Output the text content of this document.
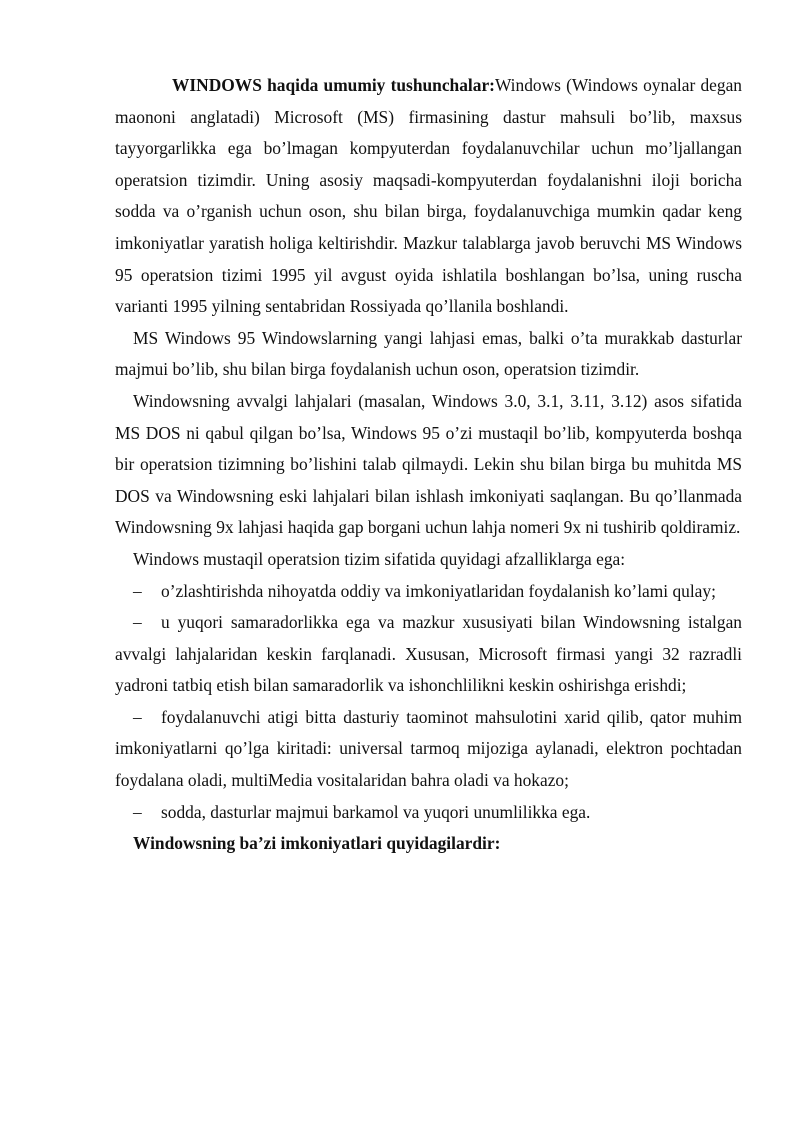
WINDOWS haqida umumiy tushunchalar:Windows (Windows oynalar degan maononi anglatadi) Microsoft (MS) firmasining dastur mahsuli bo’lib, maxsus tayyorgarlikka ega bo’lmagan kompyuterdan foydalanuvchilar uchun mo’ljallangan operatsion tizimdir. Uning asosiy maqsadi-kompyuterdan foydalanishni iloji boricha sodda va o’rganish uchun oson, shu bilan birga, foydalanuvchiga mumkin qadar keng imkoniyatlar yaratish holiga keltirishdir. Mazkur talablarga javob beruvchi MS Windows 95 operatsion tizimi 1995 yil avgust oyida ishlatila boshlangan bo’lsa, uning ruscha varianti 1995 yilning sentabridan Rossiyada qo’llanila boshlandi.

MS Windows 95 Windowslarning yangi lahjasi emas, balki o’ta murakkab dasturlar majmui bo’lib, shu bilan birga foydalanish uchun oson, operatsion tizimdir.

Windowsning avvalgi lahjalari (masalan, Windows 3.0, 3.1, 3.11, 3.12) asos sifatida MS DOS ni qabul qilgan bo’lsa, Windows 95 o’zi mustaqil bo’lib, kompyuterda boshqa bir operatsion tizimning bo’lishini talab qilmaydi. Lekin shu bilan birga bu muhitda MS DOS va Windowsning eski lahjalari bilan ishlash imkoniyati saqlangan. Bu qo’llanmada Windowsning 9x lahjasi haqida gap borgani uchun lahja nomeri 9x ni tushirib qoldiramiz.

Windows mustaqil operatsion tizim sifatida quyidagi afzalliklarga ega:

– o’zlashtirishda nihoyatda oddiy va imkoniyatlaridan foydalanish ko’lami qulay;

– u yuqori samaradorlikka ega va mazkur xususiyati bilan Windowsning istalgan avvalgi lahjalaridan keskin farqlanadi. Xususan, Microsoft firmasi yangi 32 razradli yadroni tatbiq etish bilan samaradorlik va ishonchlilikni keskin oshirishga erishdi;

– foydalanuvchi atigi bitta dasturiy taominot mahsulotini xarid qilib, qator muhim imkoniyatlarni qo’lga kiritadi: universal tarmoq mijoziga aylanadi, elektron pochtadan foydalana oladi, multiMedia vositalaridan bahra oladi va hokazo;

– sodda, dasturlar majmui barkamol va yuqori unumlilikka ega.

Windowsning ba’zi imkoniyatlari quyidagilardir:
